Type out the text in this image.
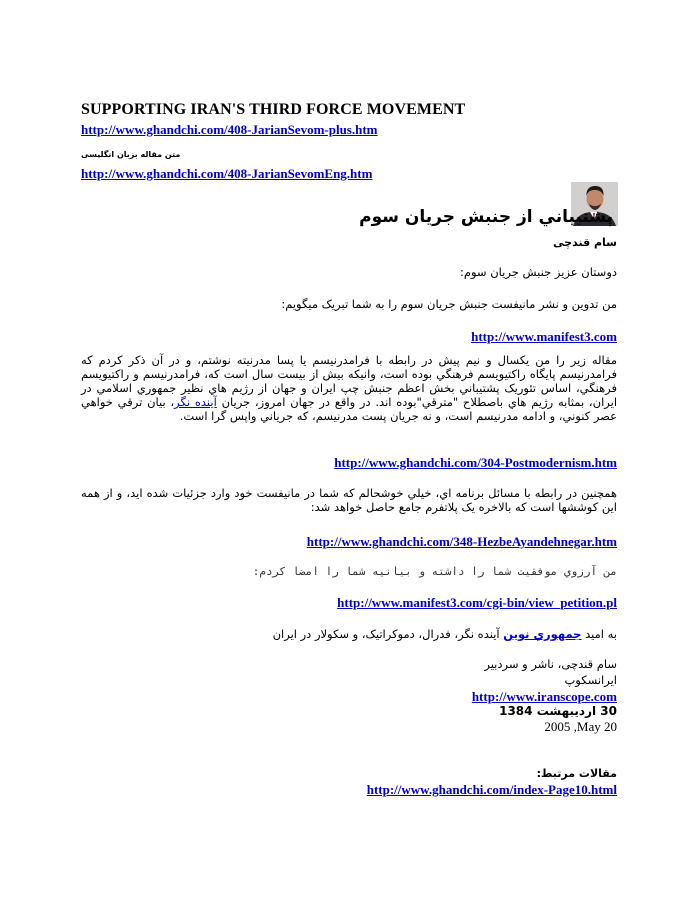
SUPPORTING IRAN'S THIRD FORCE MOVEMENT
http://www.ghandchi.com/408-JarianSevom-plus.htm
متن مقاله بزبان انگلیسی
http://www.ghandchi.com/408-JarianSevomEng.htm
پشتيباني از جنبش جريان سوم
سام قندچی
دوستان عزيز جنبش جريان سوم:
من تدوين و نشر مانيفست جنبش جريان سوم را به شما تبريک ميگويم:
http://www.manifest3.com
مقاله زير را من يکسال و نيم پيش در رابطه با فرامدرنيسم يا پسا مدرنيته نوشتم، و در آن ذکر کردم که فرامدرنيسم پايگاه راکتيويسم فرهنگي بوده است، وانيکه بيش از بيست سال است که، فرامدرنيسم و راکتيويسم فرهنگي، اساس تئوريک پشتيباني بخش اعظم جنبش چپ ايران و جهان از رژيم هاي نظير جمهوري اسلامي در ايران، بمثابه رژيم هاي باصطلاح "مترقي"بوده اند. در واقع در جهان امروز، جريان آينده نگر، بيان ترقي خواهي عصر کنوني، و ادامه مدرنيسم است، و نه جريان پست مدرنيسم، که جرياني واپس گرا است.
http://www.ghandchi.com/304-Postmodernism.htm
همچنين در رابطه با مسائل برنامه اي، خيلي خوشحالم که شما در مانيفست خود وارد جزئيات شده ايد، و از همه اين کوششها است که بالاخره يک پلاتفرم جامع حاصل خواهد شد:
http://www.ghandchi.com/348-HezbeAyandehnegar.htm
من آرزوي موفقيت شما را داشته و بيانيه شما را امضا کردم:
http://www.manifest3.com/cgi-bin/view_petition.pl
به اميد جمهوري نوين آينده نگر، فدرال، دموکراتيک، و سکولار در ايران
سام قندچی، ناشر و سردبير
ايرانسکوپ
http://www.iranscope.com
30 ارديبهشت 1384
2005 ,May 20
مقالات مرتبط:
http://www.ghandchi.com/index-Page10.html
